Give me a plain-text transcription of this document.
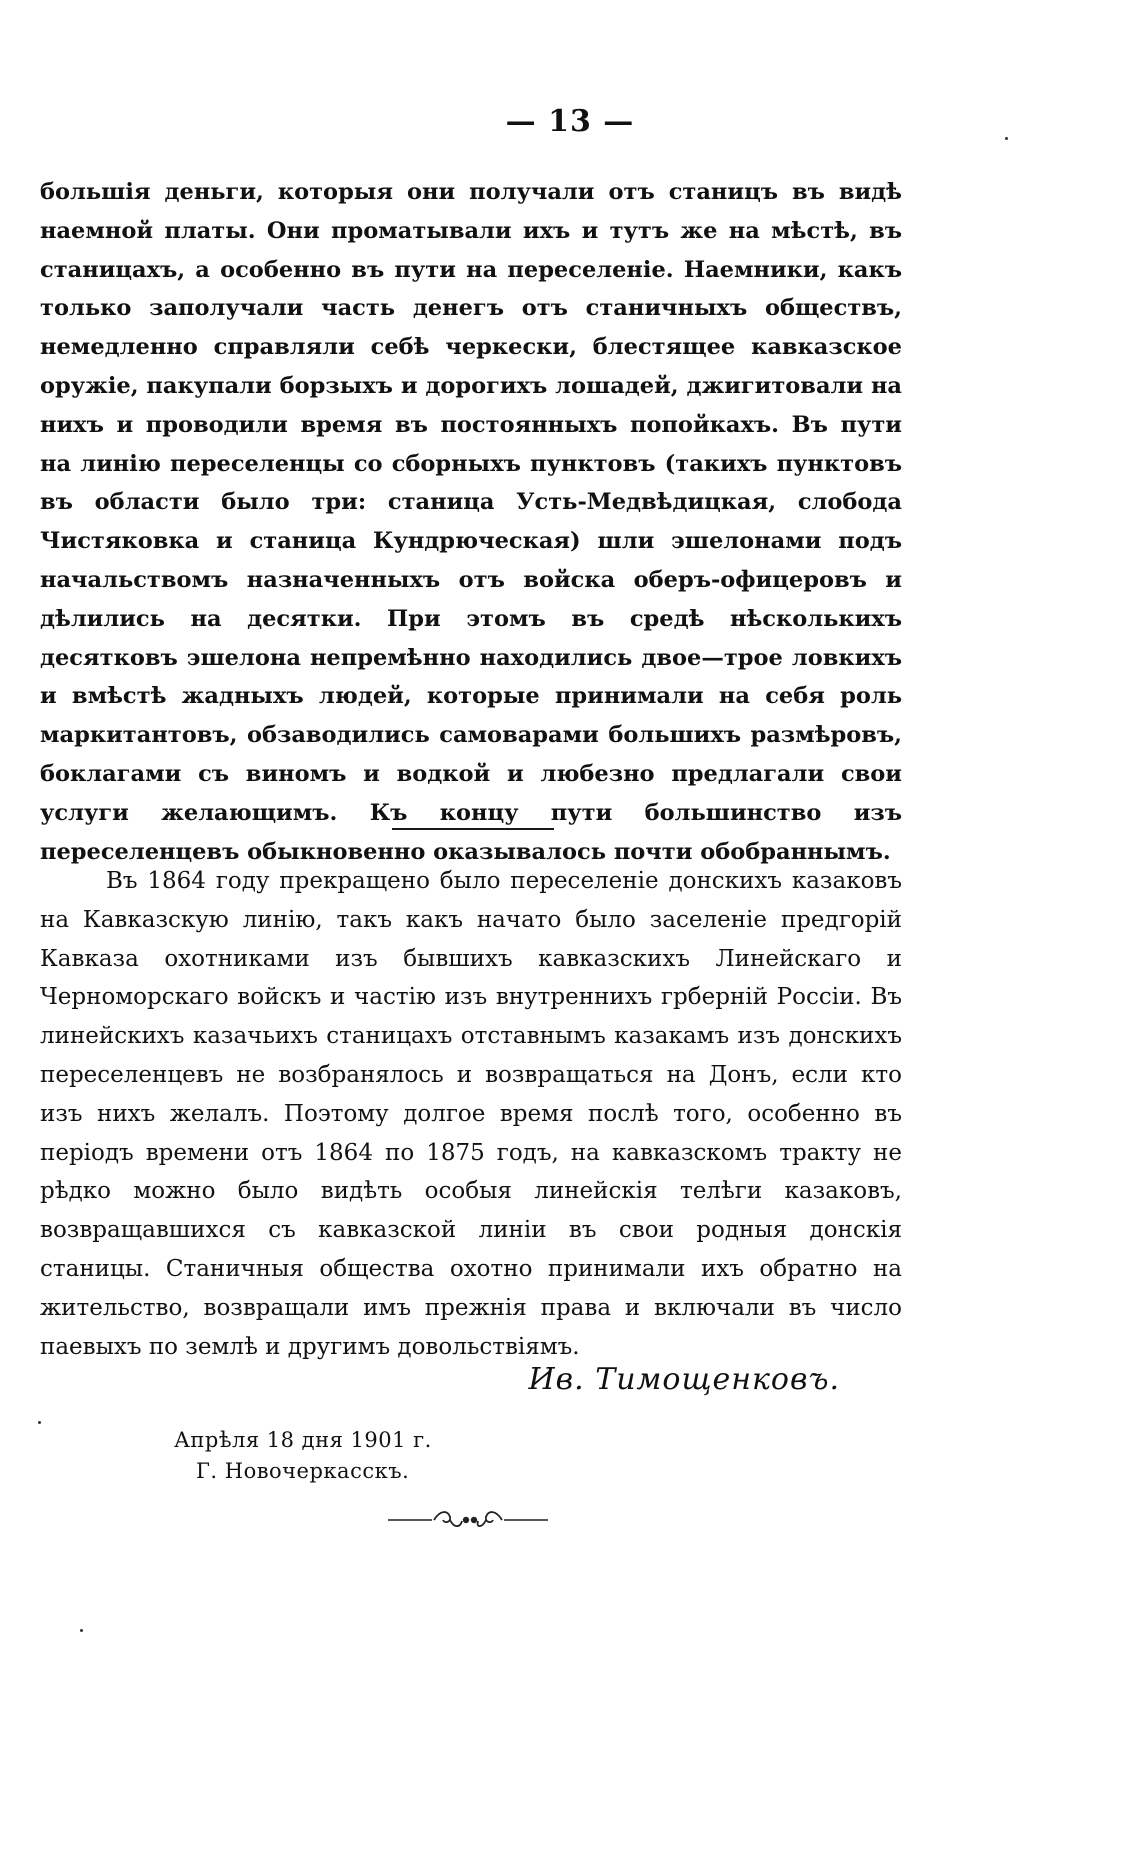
— 13 —

большія деньги, которыя они получали отъ станицъ въ видѣ наемной платы. Они проматывали ихъ и тутъ же на мѣстѣ, въ станицахъ, а особенно въ пути на переселеніе. Наемники, какъ только заполучали часть денегъ отъ станичныхъ обществъ, немедленно справляли себѣ черкески, блестящее кавказское оружіе, пакупали борзыхъ и дорогихъ лошадей, джигитовали на нихъ и проводили время въ постоянныхъ попойкахъ. Въ пути на линію переселенцы со сборныхъ пунктовъ (такихъ пунктовъ въ области было три: станица Усть-Медвѣдицкая, слобода Чистяковка и станица Кундрюческая) шли эшелонами подъ начальствомъ назначенныхъ отъ войска оберъ-офицеровъ и дѣлились на десятки. При этомъ въ средѣ нѣсколькихъ десятковъ эшелона непремѣнно находились двое—трое ловкихъ и вмѣстѣ жадныхъ людей, которые принимали на себя роль маркитантовъ, обзаводились самоварами большихъ размѣровъ, боклагами съ виномъ и водкой и любезно предлагали свои услуги желающимъ. Къ концу пути большинство изъ переселенцевъ обыкновенно оказывалось почти обобраннымъ.

Въ 1864 году прекращено было переселеніе донскихъ казаковъ на Кавказскую линію, такъ какъ начато было заселеніе предгорій Кавказа охотниками изъ бывшихъ кавказскихъ Линейскаго и Черноморскаго войскъ и частію изъ внутреннихъ грберній Россіи. Въ линейскихъ казачьихъ станицахъ отставнымъ казакамъ изъ донскихъ переселенцевъ не возбранялось и возвращаться на Донъ, если кто изъ нихъ желалъ. Поэтому долгое время послѣ того, особенно въ періодъ времени отъ 1864 по 1875 годъ, на кавказскомъ тракту не рѣдко можно было видѣть особыя линейскія телѣги казаковъ, возвращавшихся съ кавказской линіи въ свои родныя донскія станицы. Станичныя общества охотно принимали ихъ обратно на жительство, возвращали имъ прежнія права и включали въ число паевыхъ по землѣ и другимъ довольствіямъ.

Ив. Тимощенковъ.
Апрѣля 18 дня 1901 г.
Г. Новочеркасскъ.
